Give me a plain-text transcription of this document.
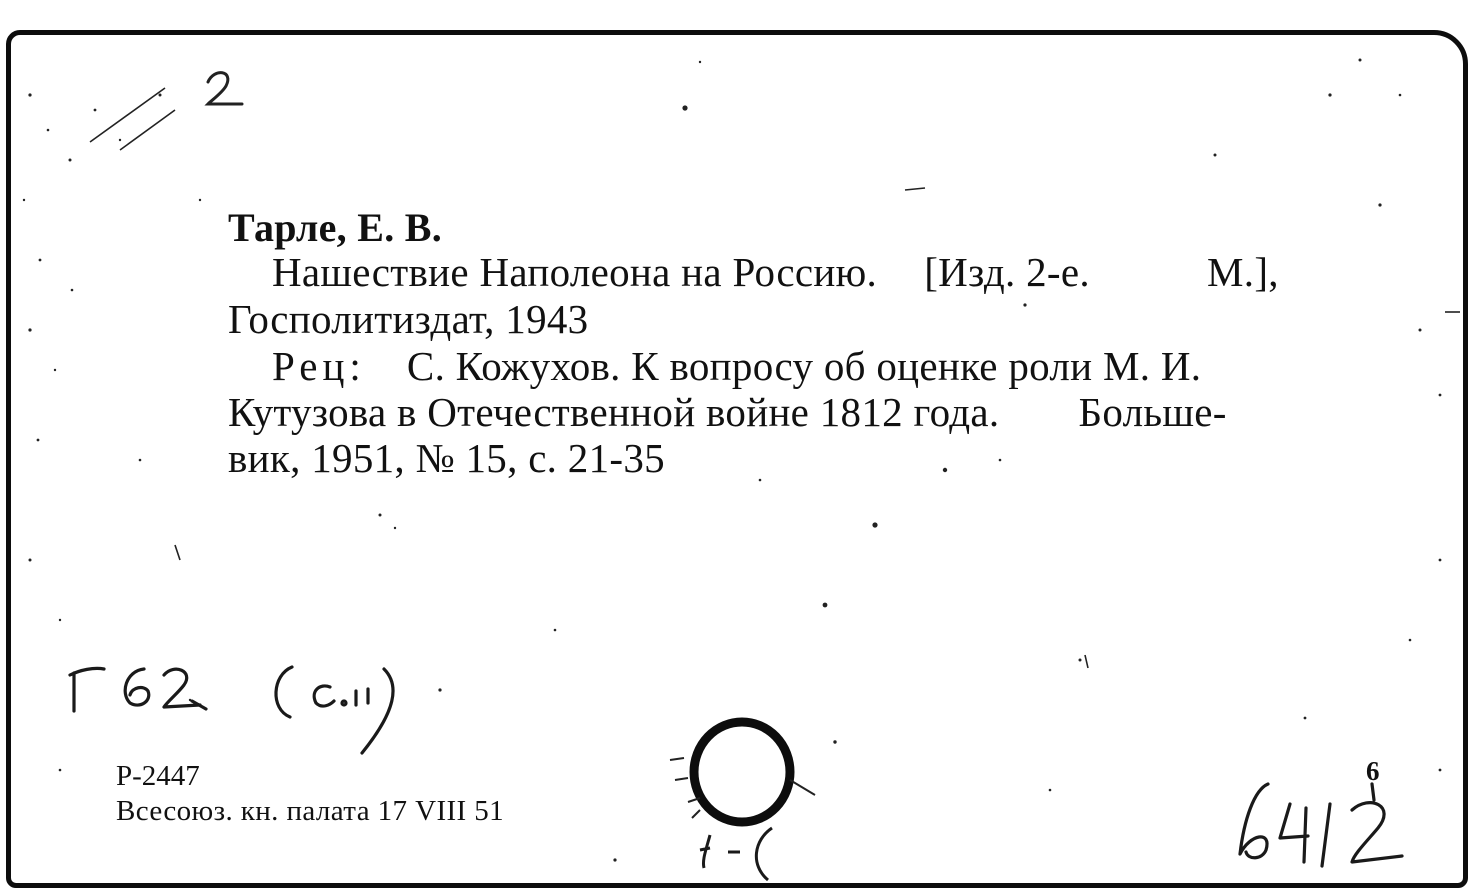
Тарле, Е. В.
Нашествие Наполеона на Россию. [Изд. 2-е.	М.],
Госполитиздат, 1943
Рец: С. Кожухов. К вопросу об оценке роли М. И.
Кутузова в Отечественной войне 1812 года. Больше-
вик, 1951, № 15, с. 21-35
Р-2447
Всесоюз. кн. палата 17 VIII 51
6
